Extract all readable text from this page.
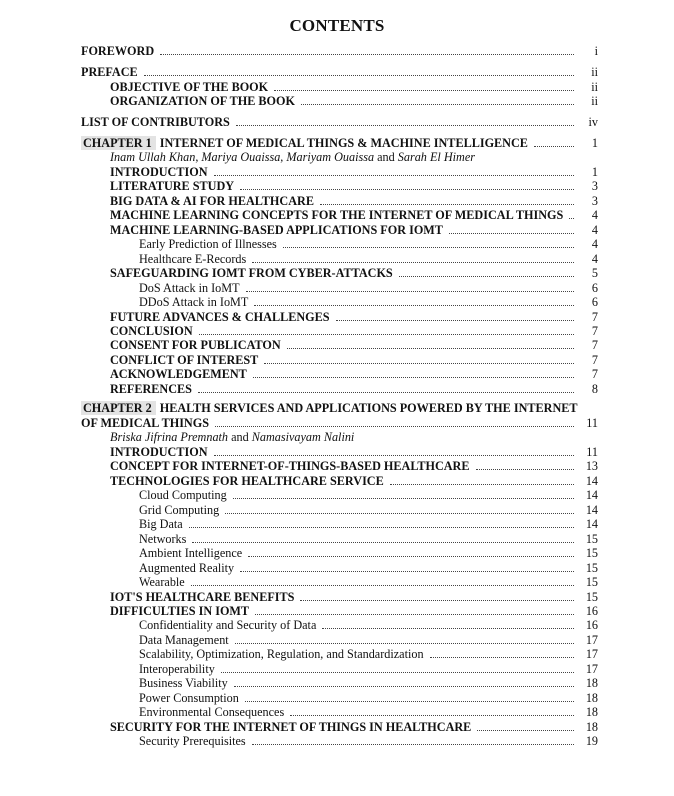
CONTENTS
FOREWORD	i
PREFACE	ii
OBJECTIVE OF THE BOOK	ii
ORGANIZATION OF THE BOOK	ii
LIST OF CONTRIBUTORS	iv
CHAPTER 1 INTERNET OF MEDICAL THINGS & MACHINE INTELLIGENCE	1
Inam Ullah Khan, Mariya Ouaissa, Mariyam Ouaissa and Sarah El Himer
INTRODUCTION	1
LITERATURE STUDY	3
BIG DATA & AI FOR HEALTHCARE	3
MACHINE LEARNING CONCEPTS FOR THE INTERNET OF MEDICAL THINGS	4
MACHINE LEARNING-BASED APPLICATIONS FOR IOMT	4
Early Prediction of Illnesses	4
Healthcare E-Records	4
SAFEGUARDING IOMT FROM CYBER-ATTACKS	5
DoS Attack in IoMT	6
DDoS Attack in IoMT	6
FUTURE ADVANCES & CHALLENGES	7
CONCLUSION	7
CONSENT FOR PUBLICATON	7
CONFLICT OF INTEREST	7
ACKNOWLEDGEMENT	7
REFERENCES	8
CHAPTER 2 HEALTH SERVICES AND APPLICATIONS POWERED BY THE INTERNET
OF MEDICAL THINGS	11
Briska Jifrina Premnath and Namasivayam Nalini
INTRODUCTION	11
CONCEPT FOR INTERNET-OF-THINGS-BASED HEALTHCARE	13
TECHNOLOGIES FOR HEALTHCARE SERVICE	14
Cloud Computing	14
Grid Computing	14
Big Data	14
Networks	15
Ambient Intelligence	15
Augmented Reality	15
Wearable	15
IOT'S HEALTHCARE BENEFITS	15
DIFFICULTIES IN IOMT	16
Confidentiality and Security of Data	16
Data Management	17
Scalability, Optimization, Regulation, and Standardization	17
Interoperability	17
Business Viability	18
Power Consumption	18
Environmental Consequences	18
SECURITY FOR THE INTERNET OF THINGS IN HEALTHCARE	18
Security Prerequisites	19
